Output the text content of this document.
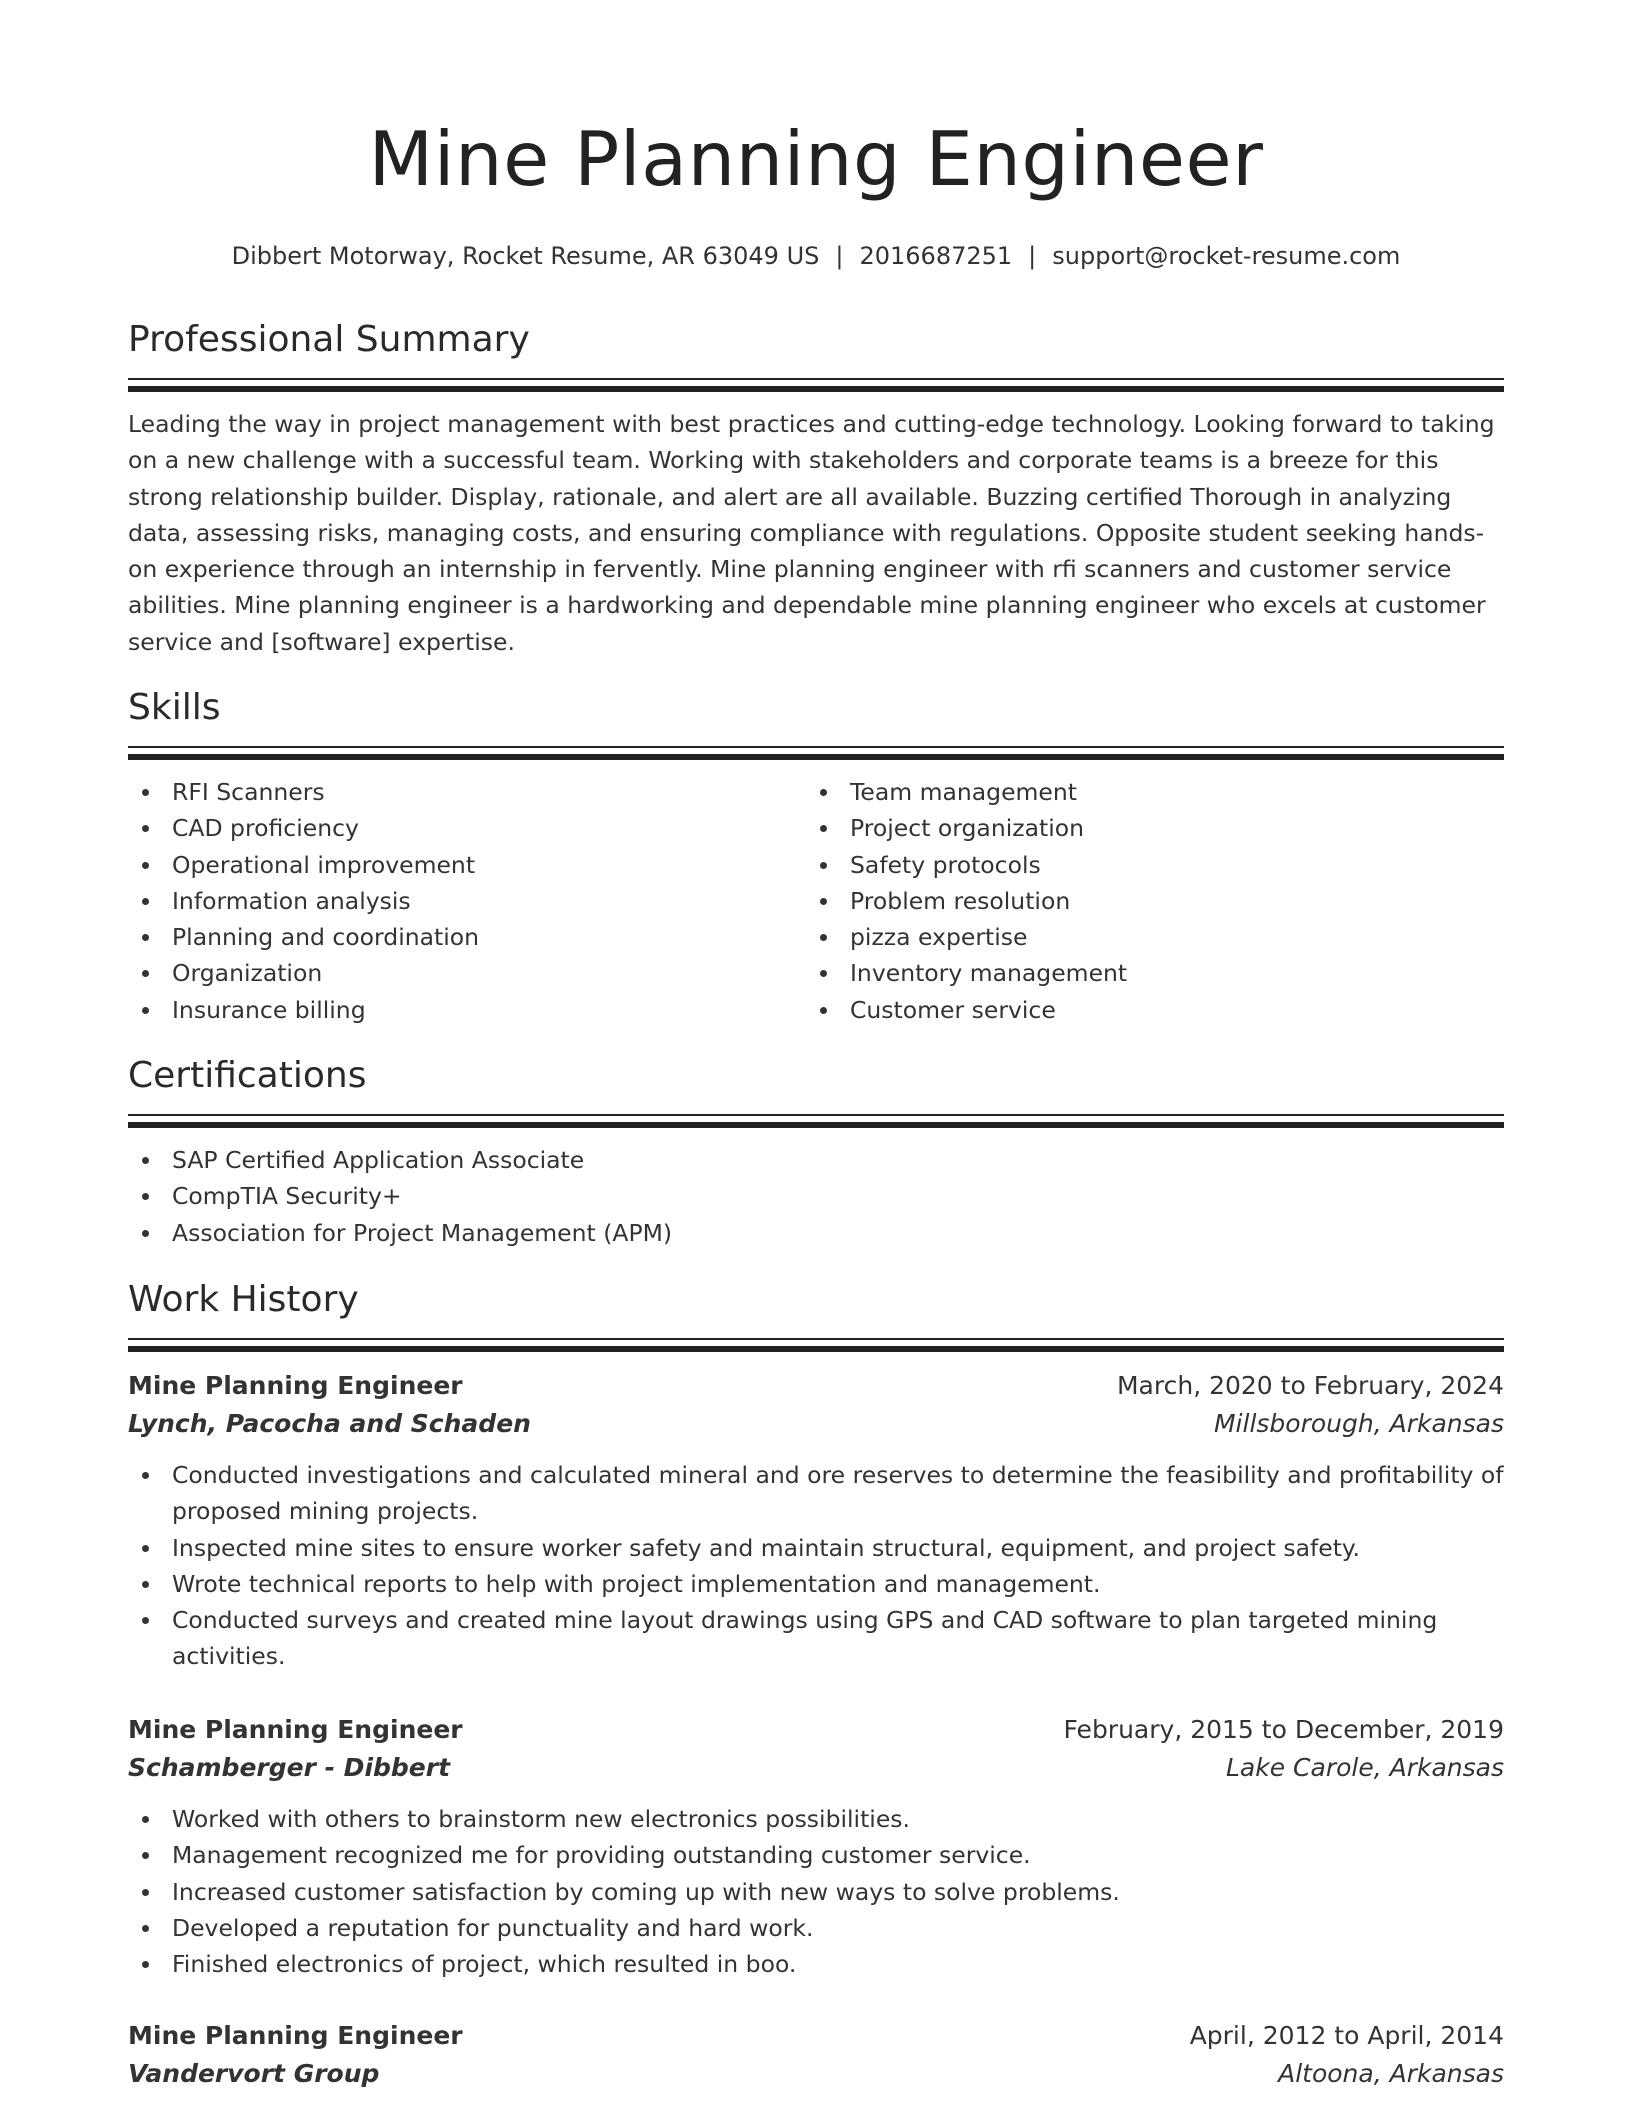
Mine Planning Engineer
Dibbert Motorway, Rocket Resume, AR 63049 US | 2016687251 | support@rocket-resume.com
Professional Summary

Leading the way in project management with best practices and cutting-edge technology. Looking forward to taking on a new challenge with a successful team. Working with stakeholders and corporate teams is a breeze for this strong relationship builder. Display, rationale, and alert are all available. Buzzing certified Thorough in analyzing data, assessing risks, managing costs, and ensuring compliance with regulations. Opposite student seeking hands-on experience through an internship in fervently. Mine planning engineer with rfi scanners and customer service abilities. Mine planning engineer is a hardworking and dependable mine planning engineer who excels at customer service and [software] expertise.

Skills
RFI Scanners
CAD proficiency
Operational improvement
Information analysis
Planning and coordination
Organization
Insurance billing
Team management
Project organization
Safety protocols
Problem resolution
pizza expertise
Inventory management
Customer service
Certifications
SAP Certified Application Associate
CompTIA Security+
Association for Project Management (APM)
Work History
Mine Planning Engineer	March, 2020 to February, 2024
Lynch, Pacocha and Schaden	Millsborough, Arkansas
Conducted investigations and calculated mineral and ore reserves to determine the feasibility and profitability of proposed mining projects.
Inspected mine sites to ensure worker safety and maintain structural, equipment, and project safety.
Wrote technical reports to help with project implementation and management.
Conducted surveys and created mine layout drawings using GPS and CAD software to plan targeted mining activities.
Mine Planning Engineer	February, 2015 to December, 2019
Schamberger - Dibbert	Lake Carole, Arkansas
Worked with others to brainstorm new electronics possibilities.
Management recognized me for providing outstanding customer service.
Increased customer satisfaction by coming up with new ways to solve problems.
Developed a reputation for punctuality and hard work.
Finished electronics of project, which resulted in boo.
Mine Planning Engineer	April, 2012 to April, 2014
Vandervort Group	Altoona, Arkansas
